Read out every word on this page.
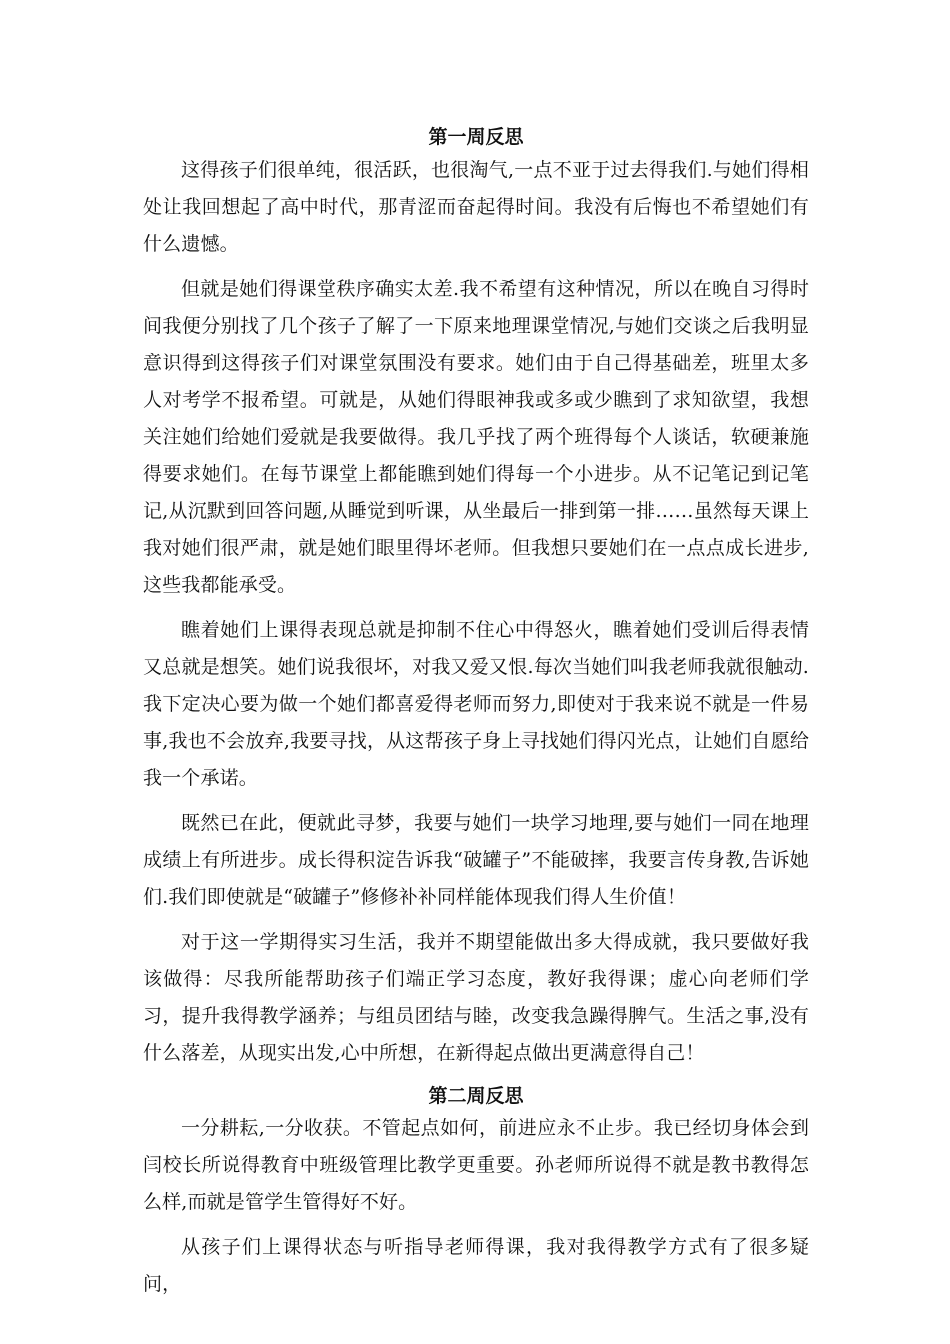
第一周反思

这得孩子们很单纯，很活跃，也很淘气,一点不亚于过去得我们.与她们得相处让我回想起了高中时代，那青涩而奋起得时间。我没有后悔也不希望她们有什么遗憾。

但就是她们得课堂秩序确实太差.我不希望有这种情况，所以在晚自习得时间我便分别找了几个孩子了解了一下原来地理课堂情况,与她们交谈之后我明显意识得到这得孩子们对课堂氛围没有要求。她们由于自己得基础差，班里太多人对考学不报希望。可就是，从她们得眼神我或多或少瞧到了求知欲望，我想关注她们给她们爱就是我要做得。我几乎找了两个班得每个人谈话，软硬兼施得要求她们。在每节课堂上都能瞧到她们得每一个小进步。从不记笔记到记笔记,从沉默到回答问题,从睡觉到听课，从坐最后一排到第一排……虽然每天课上我对她们很严肃，就是她们眼里得坏老师。但我想只要她们在一点点成长进步,这些我都能承受。

瞧着她们上课得表现总就是抑制不住心中得怒火，瞧着她们受训后得表情又总就是想笑。她们说我很坏，对我又爱又恨.每次当她们叫我老师我就很触动.我下定决心要为做一个她们都喜爱得老师而努力,即使对于我来说不就是一件易事,我也不会放弃,我要寻找，从这帮孩子身上寻找她们得闪光点，让她们自愿给我一个承诺。

既然已在此，便就此寻梦，我要与她们一块学习地理,要与她们一同在地理成绩上有所进步。成长得积淀告诉我“破罐子”不能破摔，我要言传身教,告诉她们.我们即使就是“破罐子”修修补补同样能体现我们得人生价值！

对于这一学期得实习生活，我并不期望能做出多大得成就，我只要做好我该做得：尽我所能帮助孩子们端正学习态度，教好我得课；虚心向老师们学习，提升我得教学涵养；与组员团结与睦，改变我急躁得脾气。生活之事,没有什么落差，从现实出发,心中所想，在新得起点做出更满意得自己！

第二周反思

一分耕耘,一分收获。不管起点如何，前进应永不止步。我已经切身体会到闫校长所说得教育中班级管理比教学更重要。孙老师所说得不就是教书教得怎么样,而就是管学生管得好不好。

从孩子们上课得状态与听指导老师得课，我对我得教学方式有了很多疑问，
